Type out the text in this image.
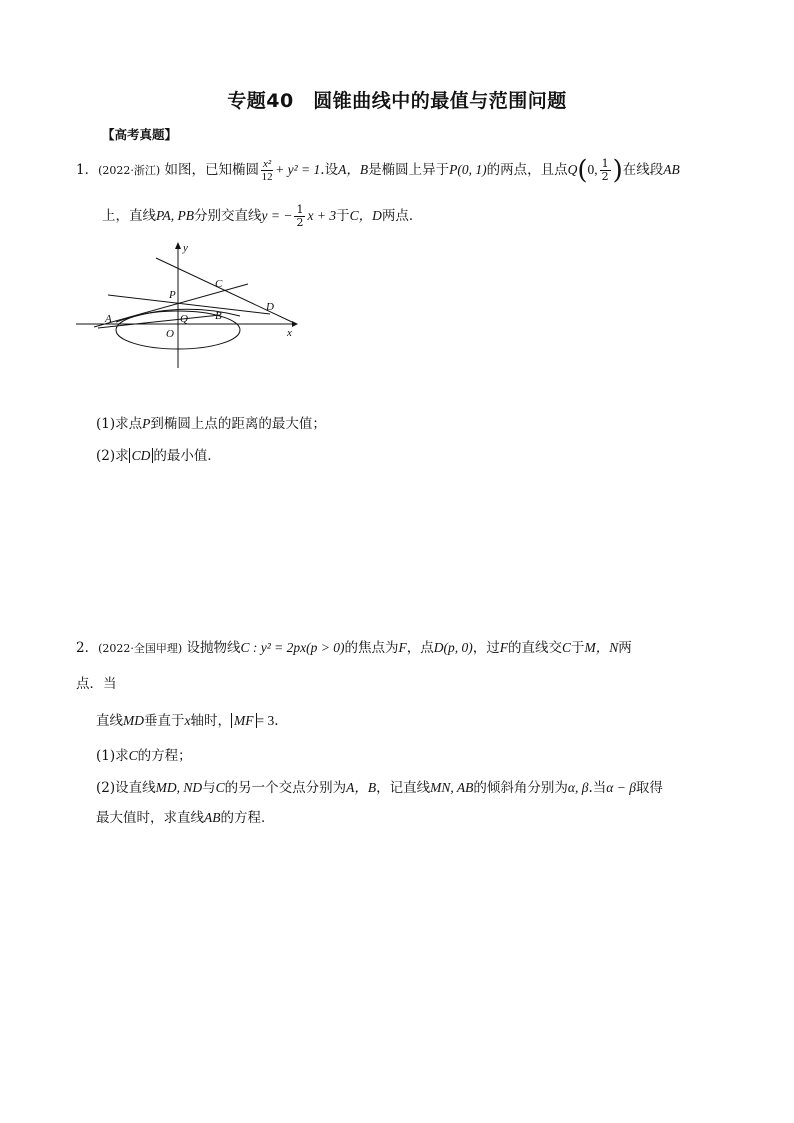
专题40　圆锥曲线中的最值与范围问题
【高考真题】
1．(2022·浙江) 如图，已知椭圆 $\frac{\text{x²}}{12} + y^2 = 1$.设A，B是椭圆上异于P(0, 1)的两点，且点Q(0, $\frac{1}{2}$ )在线段AB
上，直线PA, PB分别交直线y = − $\frac{1}{2}$ x + 3于C，D两点．
y
x
P
C
D
A	Q B
O
(1)求点P到椭圆上点的距离的最大值；
(2)求 CD 的最小值．
2．(2022·全国甲理) 设抛物线C : y² = 2px(p > 0)的焦点为F，点D(p, 0)，过F的直线交C于M，N两
点．当
直线MD垂直于x轴时， MF = 3.
(1)求C的方程；
(2)设直线MD, ND与C的另一个交点分别为A，B，记直线MN, AB的倾斜角分别为α, β.当α − β取得
最大值时，求直线AB的方程．
